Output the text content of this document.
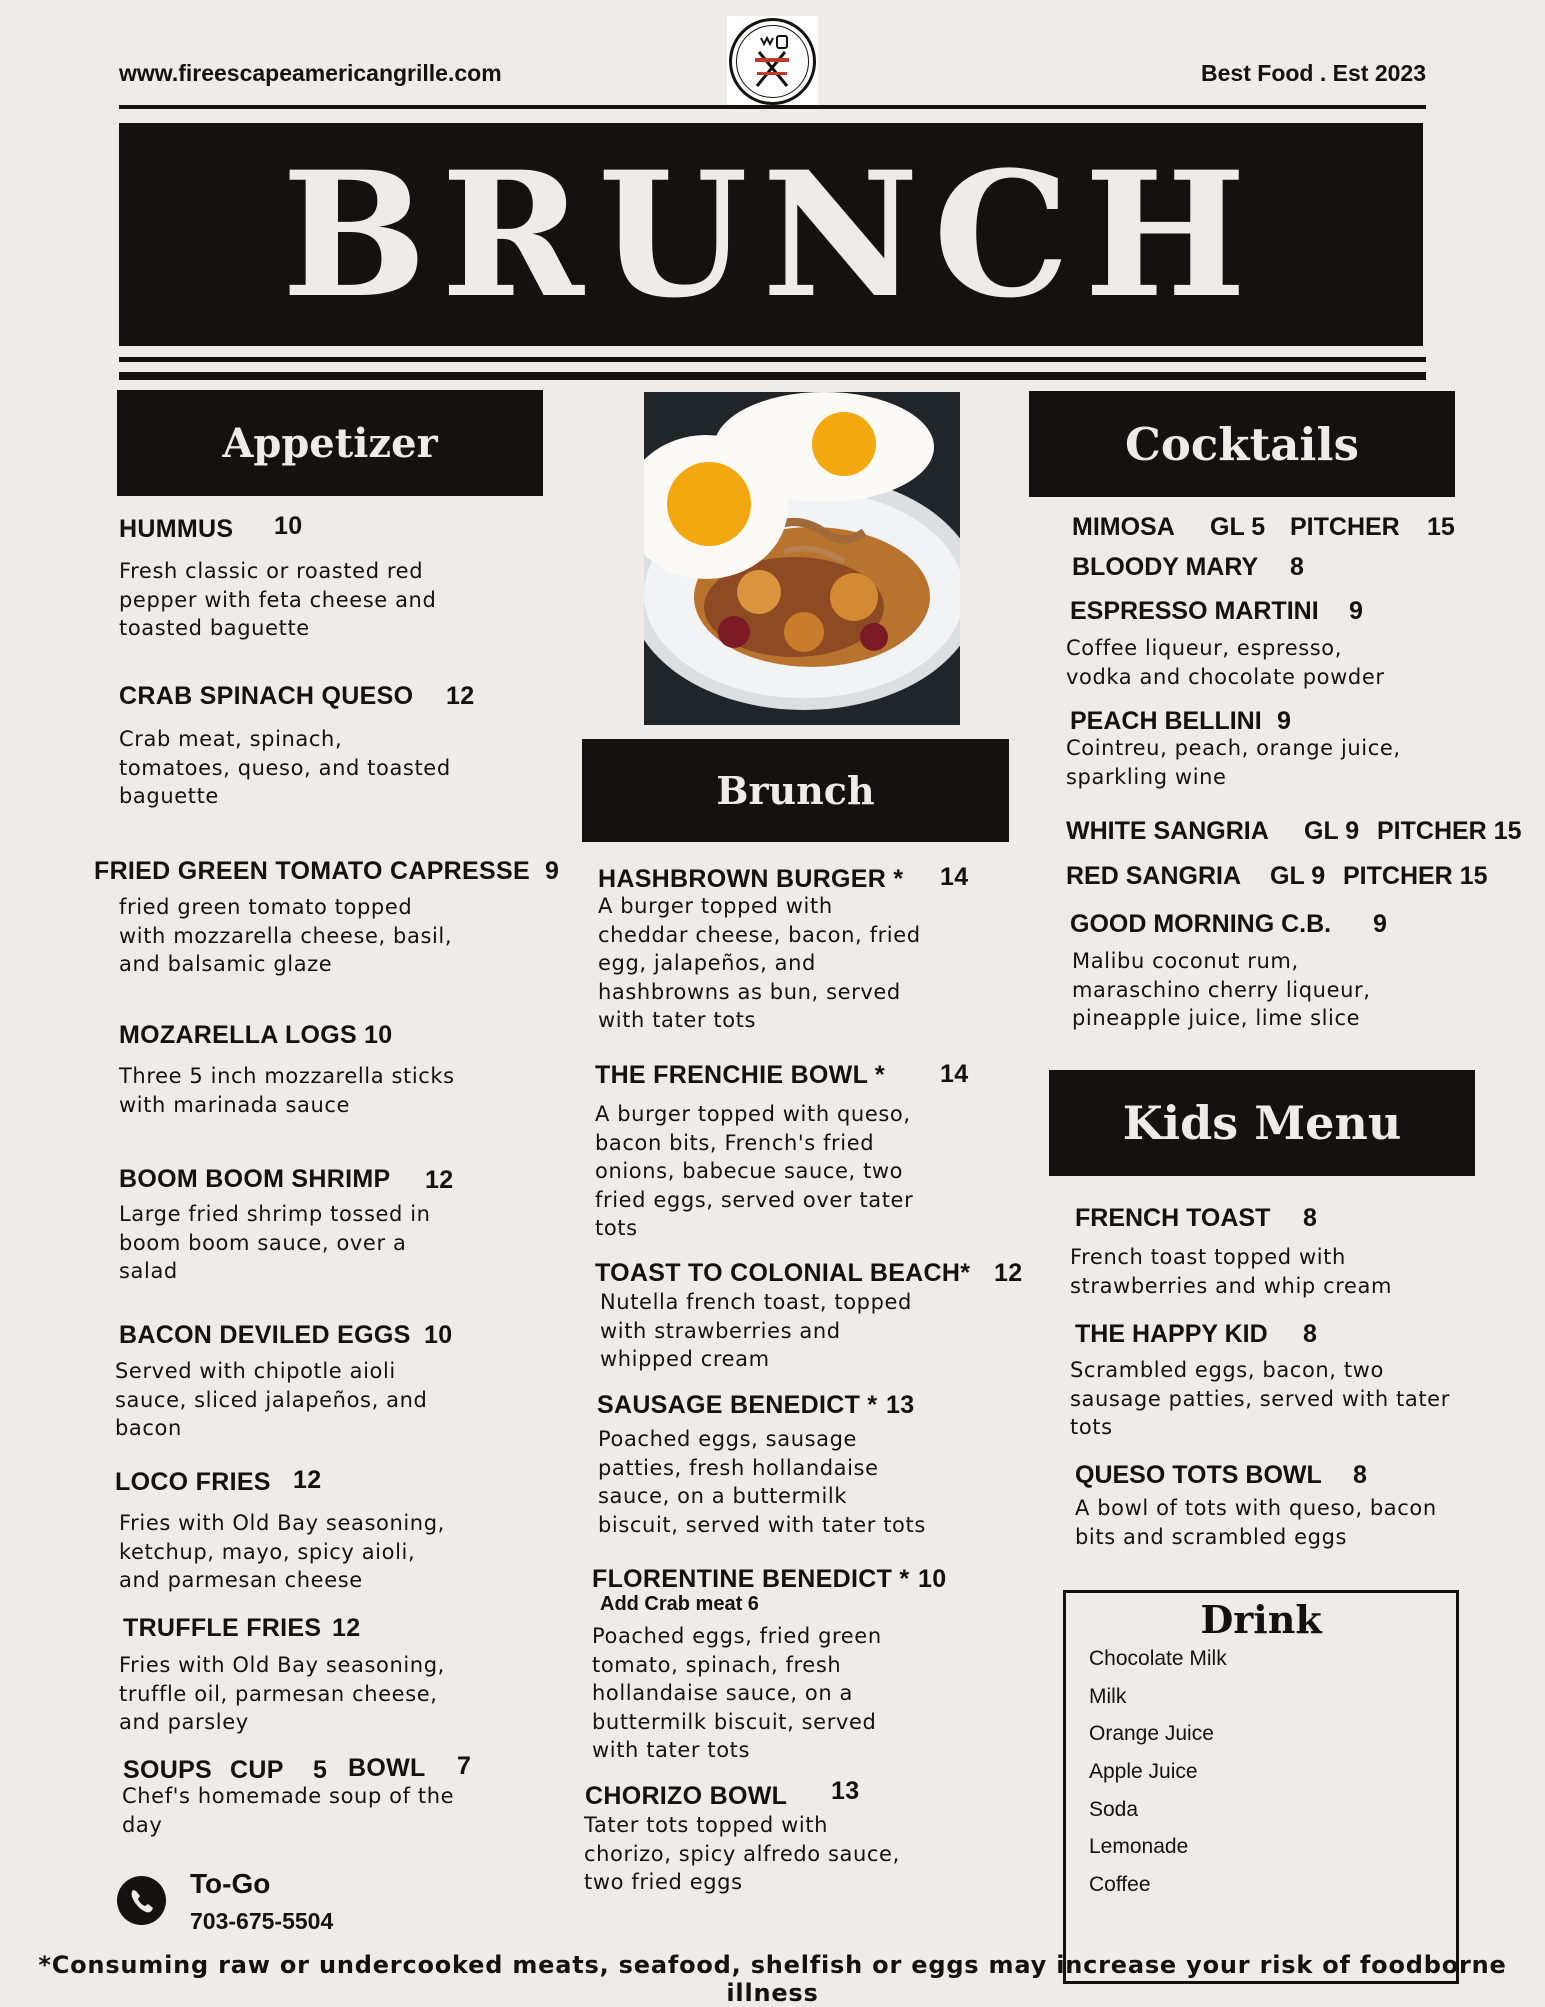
www.fireescapeamericangrille.com	Best Food . Est 2023
BRUNCH
Appetizer	Cocktails
Brunch
Kids Menu
HUMMUS 10
Fresh classic or roasted red
pepper with feta cheese and
toasted baguette
CRAB SPINACH QUESO 12
Crab meat, spinach,
tomatoes, queso, and toasted
baguette
FRIED GREEN TOMATO CAPRESSE 9
fried green tomato topped
with mozzarella cheese, basil,
and balsamic glaze
MOZARELLA LOGS 10
Three 5 inch mozzarella sticks
with marinada sauce
BOOM BOOM SHRIMP 12
Large fried shrimp tossed in
boom boom sauce, over a
salad
BACON DEVILED EGGS 10
Served with chipotle aioli
sauce, sliced jalapeños, and
bacon
LOCO FRIES 12
Fries with Old Bay seasoning,
ketchup, mayo, spicy aioli,
and parmesan cheese
TRUFFLE FRIES 12
Fries with Old Bay seasoning,
truffle oil, parmesan cheese,
and parsley
SOUPS CUP 5 BOWL 7
Chef's homemade soup of the
day
To-Go
703-675-5504
HASHBROWN BURGER * 14
A burger topped with
cheddar cheese, bacon, fried
egg, jalapeños, and
hashbrowns as bun, served
with tater tots
THE FRENCHIE BOWL * 14
A burger topped with queso,
bacon bits, French's fried
onions, babecue sauce, two
fried eggs, served over tater
tots
TOAST TO COLONIAL BEACH* 12
Nutella french toast, topped
with strawberries and
whipped cream
SAUSAGE BENEDICT * 13
Poached eggs, sausage
patties, fresh hollandaise
sauce, on a buttermilk
biscuit, served with tater tots
FLORENTINE BENEDICT * 10
Add Crab meat 6
Poached eggs, fried green
tomato, spinach, fresh
hollandaise sauce, on a
buttermilk biscuit, served
with tater tots
CHORIZO BOWL 13
Tater tots topped with
chorizo, spicy alfredo sauce,
two fried eggs
MIMOSA GL 5 PITCHER 15
BLOODY MARY 8
ESPRESSO MARTINI 9
Coffee liqueur, espresso,
vodka and chocolate powder
PEACH BELLINI 9
Cointreu, peach, orange juice,
sparkling wine
WHITE SANGRIA GL 9 PITCHER 15
RED SANGRIA GL 9 PITCHER 15
GOOD MORNING C.B. 9
Malibu coconut rum,
maraschino cherry liqueur,
pineapple juice, lime slice
FRENCH TOAST 8
French toast topped with
strawberries and whip cream
THE HAPPY KID 8
Scrambled eggs, bacon, two
sausage patties, served with tater
tots
QUESO TOTS BOWL 8
A bowl of tots with queso, bacon
bits and scrambled eggs
Drink
Chocolate Milk
Milk
Orange Juice
Apple Juice
Soda
Lemonade
Coffee
*Consuming raw or undercooked meats, seafood, shelfish or eggs may increase your risk of foodborne illness
